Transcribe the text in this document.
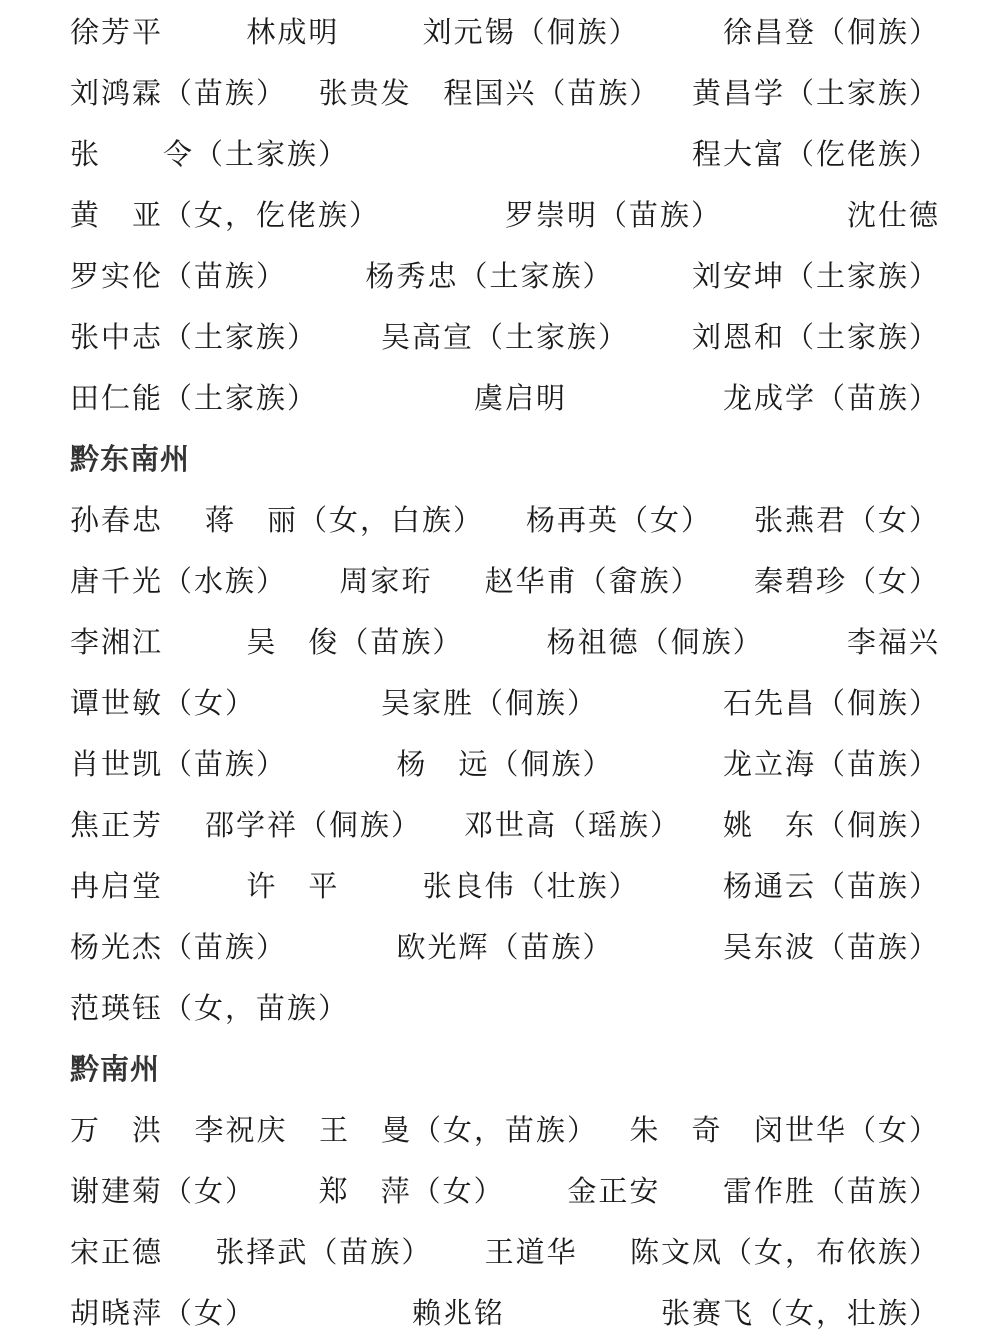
徐芳平	林成明	刘元锡（侗族）	徐昌登（侗族）
刘鸿霖（苗族） 张贵发 程国兴（苗族） 黄昌学（土家族）
张　　令（土家族）	程大富（仡佬族）
黄　亚（女，仡佬族）	罗崇明（苗族）	沈仕德
罗实伦（苗族）	杨秀忠（土家族）	刘安坤（土家族）
张中志（土家族） 吴高宣（土家族） 刘恩和（土家族）
田仁能（土家族）	虞启明	龙成学（苗族）
黔东南州
孙春忠 蒋　丽（女，白族） 杨再英（女） 张燕君（女）
唐千光（水族） 周家珩 赵华甫（畲族） 秦碧珍（女）
李湘江	吴　俊（苗族）	杨祖德（侗族）	李福兴
谭世敏（女）	吴家胜（侗族）	石先昌（侗族）
肖世凯（苗族）	杨　远（侗族）	龙立海（苗族）
焦正芳 邵学祥（侗族） 邓世高（瑶族） 姚　东（侗族）
冉启堂	许　平	张良伟（壮族）	杨通云（苗族）
杨光杰（苗族）	欧光辉（苗族）	吴东波（苗族）
范瑛钰（女，苗族）
黔南州
万　洪 李祝庆 王　曼（女，苗族） 朱　奇 闵世华（女）
谢建菊（女） 郑　萍（女） 金正安 雷作胜（苗族）
宋正德 张择武（苗族） 王道华 陈文凤（女，布依族）
胡晓萍（女）	赖兆铭	张赛飞（女，壮族）
